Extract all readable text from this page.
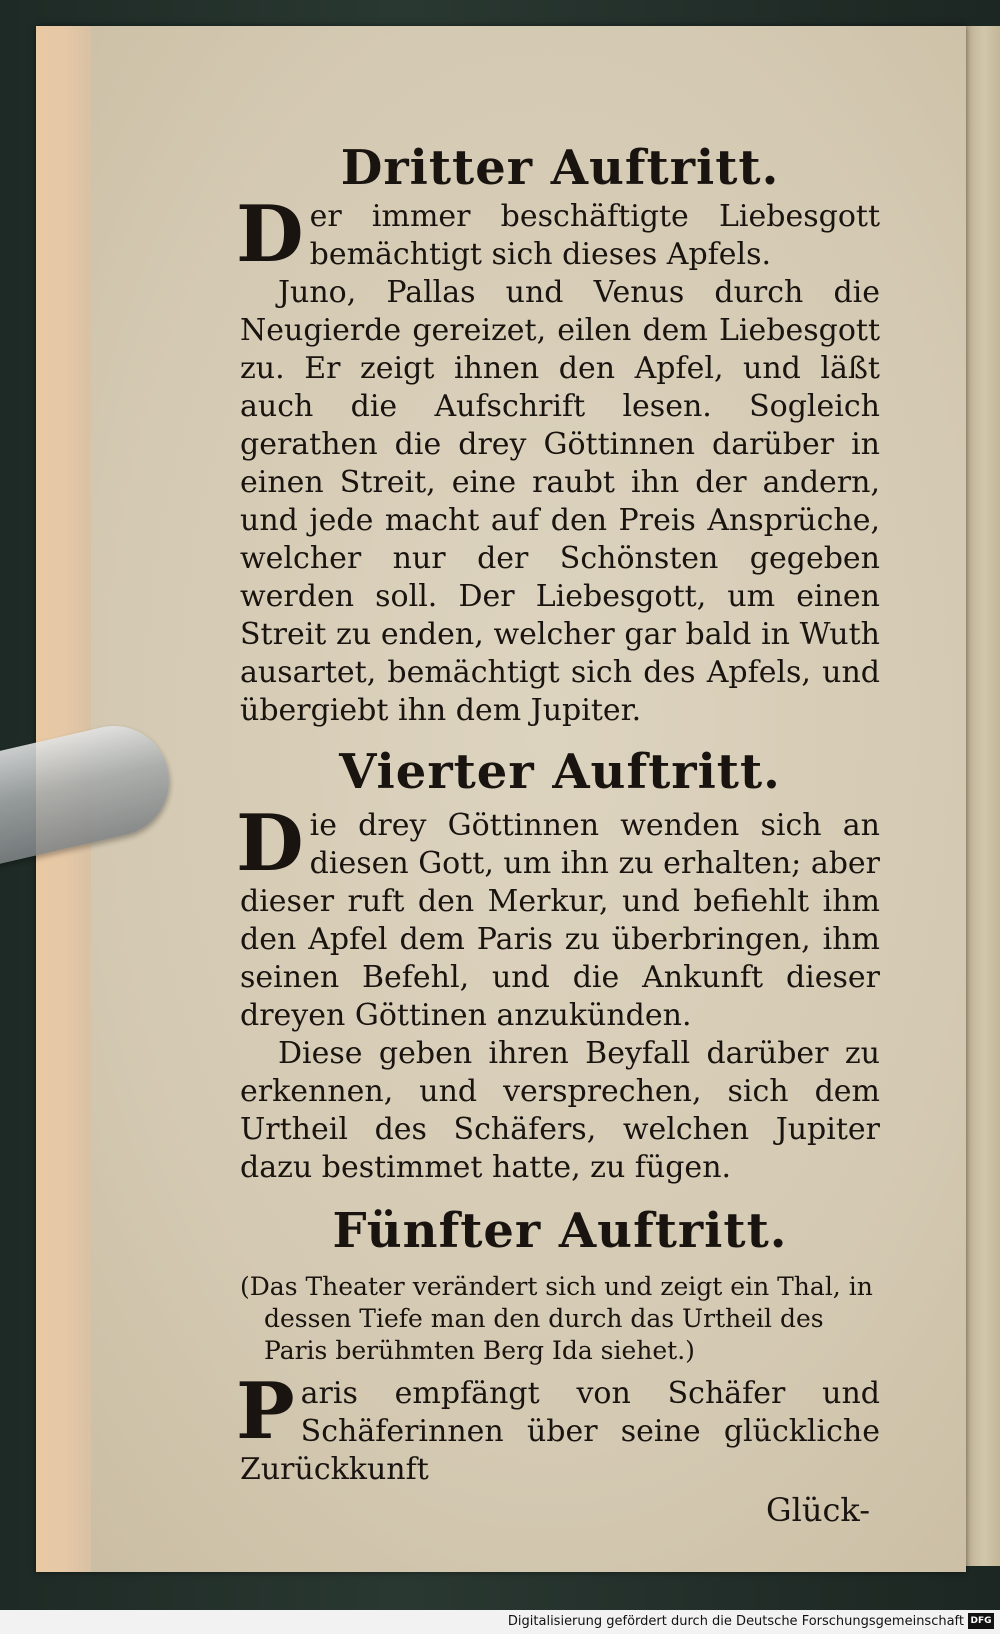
Dritter Auftritt.

D er immer beschäftigte Liebesgott bemächtigt sich dieses Apfels.

Juno, Pallas und Venus durch die Neugierde gereizet, eilen dem Liebesgott zu. Er zeigt ihnen den Apfel, und läßt auch die Aufschrift lesen. Sogleich gerathen die drey Göttinnen darüber in einen Streit, eine raubt ihn der andern, und jede macht auf den Preis Ansprüche, welcher nur der Schönsten gegeben werden soll. Der Liebesgott, um einen Streit zu enden, welcher gar bald in Wuth ausartet, bemächtigt sich des Apfels, und übergiebt ihn dem Jupiter.

Vierter Auftritt.

D ie drey Göttinnen wenden sich an diesen Gott, um ihn zu erhalten; aber dieser ruft den Merkur, und befiehlt ihm den Apfel dem Paris zu überbringen, ihm seinen Befehl, und die Ankunft dieser dreyen Göttinen anzukünden.

Diese geben ihren Beyfall darüber zu erkennen, und versprechen, sich dem Urtheil des Schäfers, welchen Jupiter dazu bestimmet hatte, zu fügen.

Fünfter Auftritt.

(Das Theater verändert sich und zeigt ein Thal, in dessen Tiefe man den durch das Urtheil des Paris berühmten Berg Ida siehet.)

P aris empfängt von Schäfer und Schäferinnen über seine glückliche Zurückkunft

Glück-

Digitalisierung gefördert durch die Deutsche Forschungsgemeinschaft DFG
